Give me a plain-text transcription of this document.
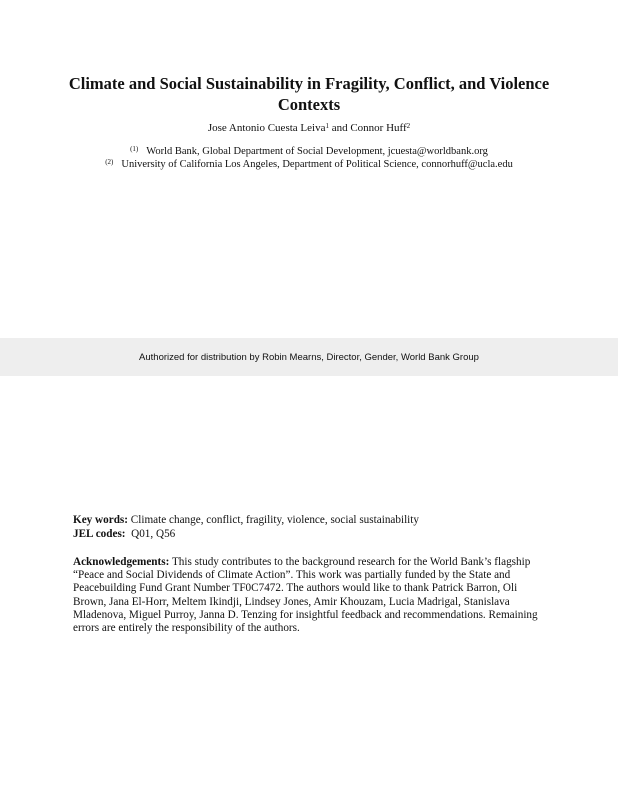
Climate and Social Sustainability in Fragility, Conflict, and Violence Contexts
Jose Antonio Cuesta Leiva$^1$ and Connor Huff$^2$
$^{(1)}$ World Bank, Global Department of Social Development, jcuesta@worldbank.org
$^{(2)}$ University of California Los Angeles, Department of Political Science, connorhuff@ucla.edu
Authorized for distribution by Robin Mearns, Director, Gender, World Bank Group
Key words: Climate change, conflict, fragility, violence, social sustainability
JEL codes: Q01, Q56
Acknowledgements: This study contributes to the background research for the World Bank’s flagship “Peace and Social Dividends of Climate Action”. This work was partially funded by the State and Peacebuilding Fund Grant Number TF0C7472. The authors would like to thank Patrick Barron, Oli Brown, Jana El-Horr, Meltem Ikindji, Lindsey Jones, Amir Khouzam, Lucia Madrigal, Stanislava Mladenova, Miguel Purroy, Janna D. Tenzing for insightful feedback and recommendations. Remaining errors are entirely the responsibility of the authors.
